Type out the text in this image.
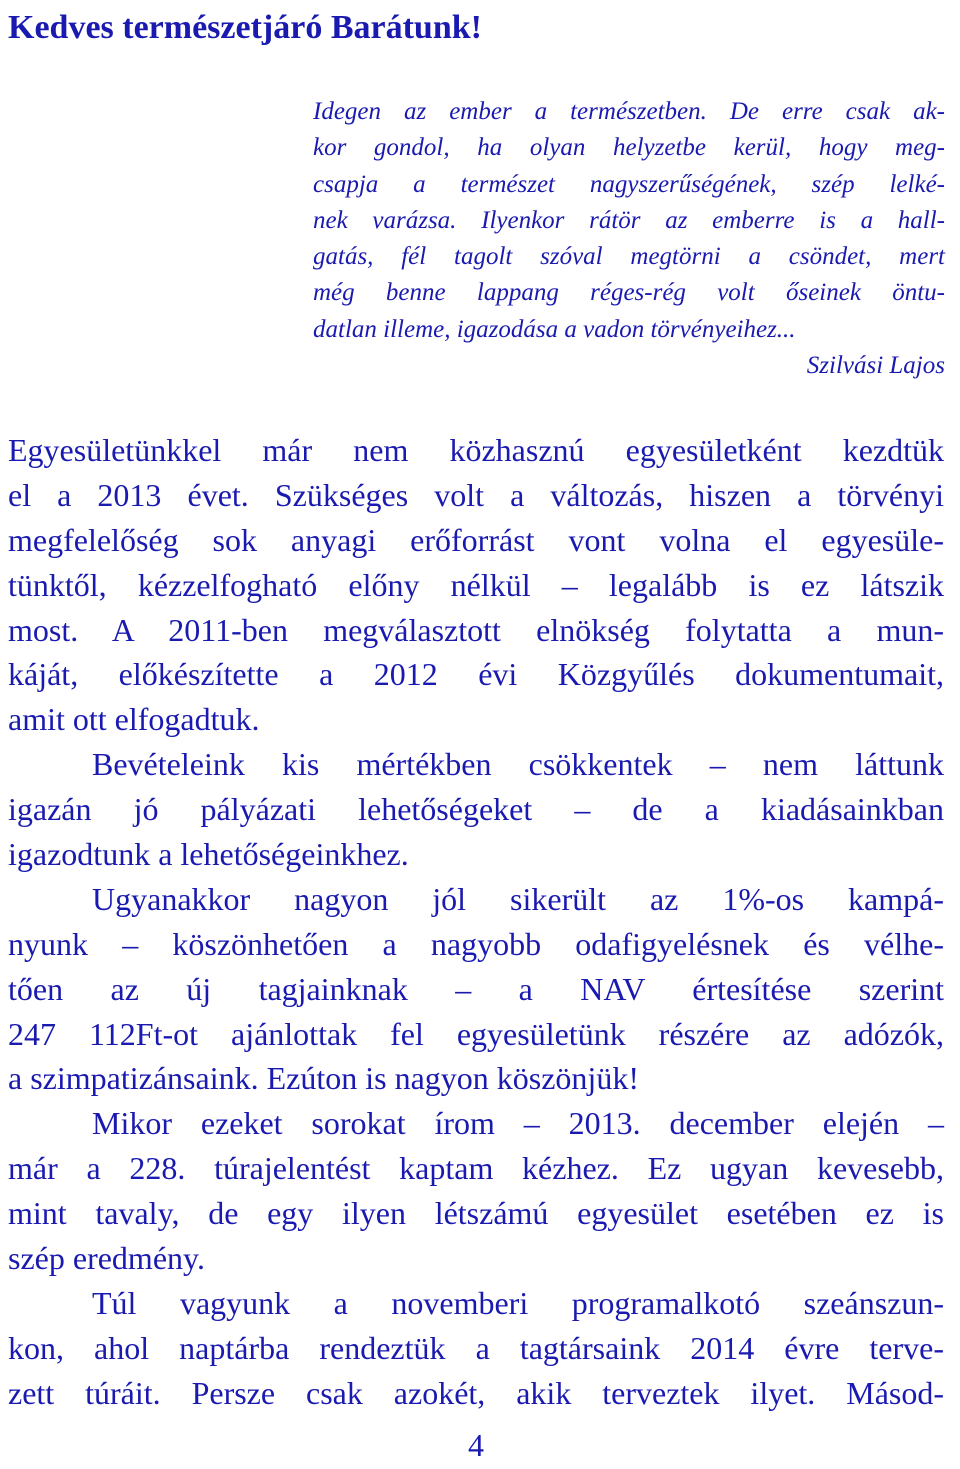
Kedves természetjáró Barátunk!
Idegen az ember a természetben. De erre csak ak-
kor gondol, ha olyan helyzetbe kerül, hogy meg-
csapja a természet nagyszerűségének, szép lelké-
nek varázsa. Ilyenkor rátör az emberre is a hall-
gatás, fél tagolt szóval megtörni a csöndet, mert
még benne lappang réges-rég volt őseinek öntu-
datlan illeme, igazodása a vadon törvényeihez...
Szilvási Lajos
Egyesületünkkel már nem közhasznú egyesületként kezdtük
el a 2013 évet. Szükséges volt a változás, hiszen a törvényi
megfelelőség sok anyagi erőforrást vont volna el egyesüle-
tünktől, kézzelfogható előny nélkül – legalább is ez látszik
most. A 2011-ben megválasztott elnökség folytatta a mun-
káját, előkészítette a 2012 évi Közgyűlés dokumentumait,
amit ott elfogadtuk.
Bevételeink kis mértékben csökkentek – nem láttunk
igazán jó pályázati lehetőségeket – de a kiadásainkban
igazodtunk a lehetőségeinkhez.
Ugyanakkor nagyon jól sikerült az 1%-os kampá-
nyunk – köszönhetően a nagyobb odafigyelésnek és vélhe-
tően az új tagjainknak – a NAV értesítése szerint
247 112Ft-ot ajánlottak fel egyesületünk részére az adózók,
a szimpatizánsaink. Ezúton is nagyon köszönjük!
Mikor ezeket sorokat írom – 2013. december elején –
már a 228. túrajelentést kaptam kézhez. Ez ugyan kevesebb,
mint tavaly, de egy ilyen létszámú egyesület esetében ez is
szép eredmény.
Túl vagyunk a novemberi programalkotó szeánszun-
kon, ahol naptárba rendeztük a tagtársaink 2014 évre terve-
zett túráit. Persze csak azokét, akik terveztek ilyet. Másod-
4
